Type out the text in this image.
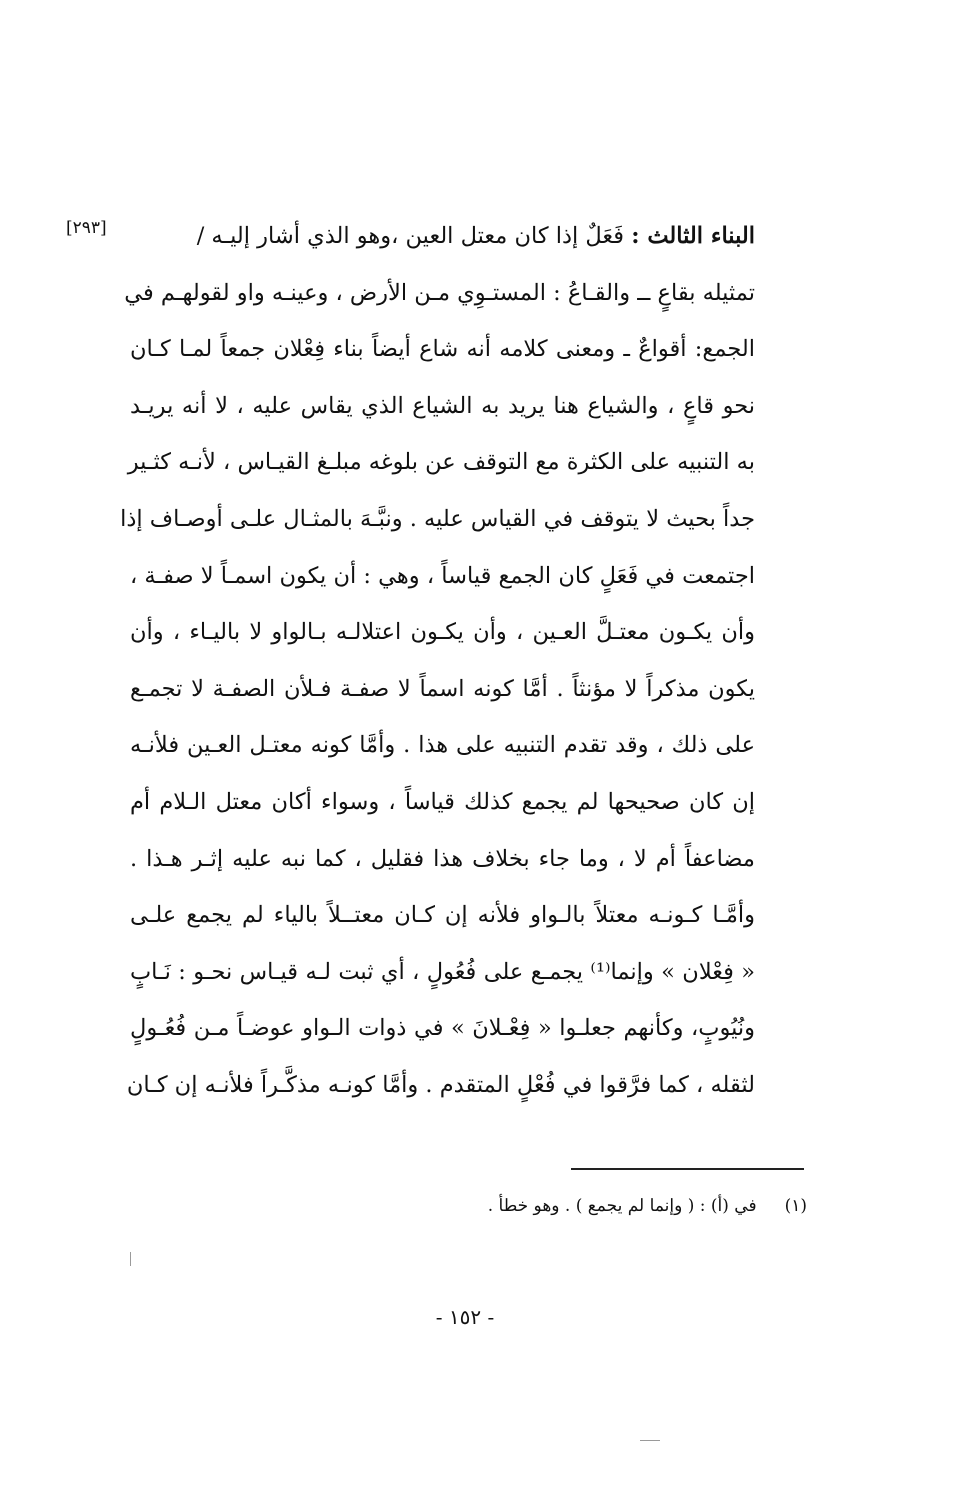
[٢٩٣]	البناء الثالث : فَعَلٌ إذا كان معتل العين ،وهو الذي أشار إليـه /
تمثيله بقاعٍ ــ والقـاعُ : المستـوِي مـن الأرض ، وعينـه واو لقولهـم في
الجمع: أقواعٌ ـ ومعنى كلامه أنه شاع أيضاً بناء فِعْلان جمعاً لمـا كـان
نحو قاعٍ ، والشياع هنا يريد به الشياع الذي يقاس عليه ، لا أنه يريـد
به التنبيه على الكثرة مع التوقف عن بلوغه مبلـغ القيـاس ، لأنـه كثـير
جداً بحيث لا يتوقف في القياس عليه . ونبَّـهَ بالمثـال علـى أوصـاف إذا
اجتمعت في فَعَلٍ كان الجمع قياساً ، وهي : أن يكون اسمـاً لا صفـة ،
وأن يكـون معتـلَّ العـين ، وأن يكـون اعتلالـه بـالواو لا باليـاء ، وأن
يكون مذكراً لا مؤنثاً . أمَّا كونه اسماً لا صفـة فـلأن الصفـة لا تجمـع
على ذلك ، وقد تقدم التنبيه على هذا . وأمَّا كونه معتـل العـين فلأنـه
إن كان صحيحها لم يجمع كذلك قياساً ، وسواء أكان معتل الـلام أم
مضاعفاً أم لا ، وما جاء بخلاف هذا فقليل ، كما نبه عليه إثـر هـذا .
وأمَّـا كـونـه معتلاً بالـواو فلأنه إن كـان معتــلاً بالياء لم يجمع علـى
« فِعْلان » وإنما⁽¹⁾ يجمـع على فُعُولٍ ، أي ثبت لـه قيـاس نحـو : نَـابٍ
ونُيُوبٍ، وكأنهم جعلـوا « فِعْـلانَ » في ذوات الـواو عوضـاً مـن فُعُـولٍ
لثقله ، كما فرَّقوا في فُعْلٍ المتقدم . وأمَّا كونـه مذكَّـراً فلأنـه إن كـان
(١)في (أ) : ( وإنما لم يجمع ) . وهو خطأ .
- ١٥٢ -
